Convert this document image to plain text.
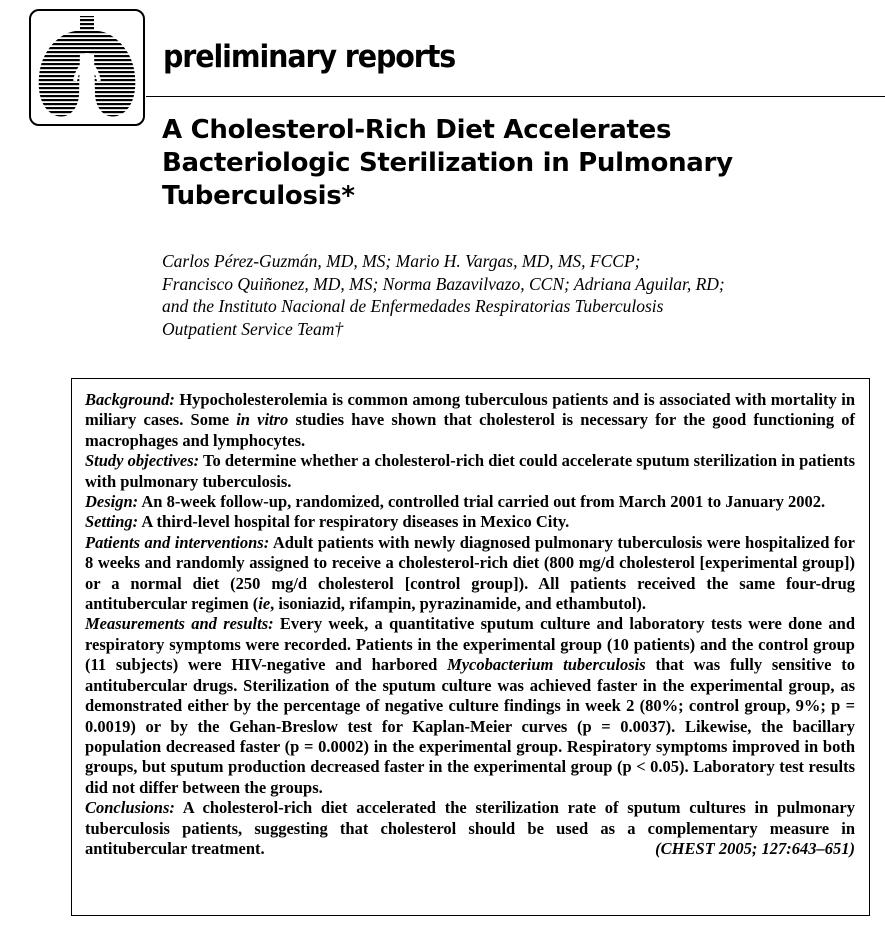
preliminary reports
A Cholesterol-Rich Diet Accelerates
Bacteriologic Sterilization in Pulmonary
Tuberculosis*
Carlos Pérez-Guzmán, MD, MS; Mario H. Vargas, MD, MS, FCCP;
Francisco Quiñonez, MD, MS; Norma Bazavilvazo, CCN; Adriana Aguilar, RD;
and the Instituto Nacional de Enfermedades Respiratorias Tuberculosis
Outpatient Service Team†

Background: Hypocholesterolemia is common among tuberculous patients and is associated with mortality in miliary cases. Some in vitro studies have shown that cholesterol is necessary for the good functioning of macrophages and lymphocytes.

Study objectives: To determine whether a cholesterol-rich diet could accelerate sputum sterilization in patients with pulmonary tuberculosis.

Design: An 8-week follow-up, randomized, controlled trial carried out from March 2001 to January 2002.

Setting: A third-level hospital for respiratory diseases in Mexico City.

Patients and interventions: Adult patients with newly diagnosed pulmonary tuberculosis were hospitalized for 8 weeks and randomly assigned to receive a cholesterol-rich diet (800 mg/d cholesterol [experimental group]) or a normal diet (250 mg/d cholesterol [control group]). All patients received the same four-drug antitubercular regimen (ie, isoniazid, rifampin, pyrazinamide, and ethambutol).

Measurements and results: Every week, a quantitative sputum culture and laboratory tests were done and respiratory symptoms were recorded. Patients in the experimental group (10 patients) and the control group (11 subjects) were HIV-negative and harbored Mycobacterium tuberculosis that was fully sensitive to antitubercular drugs. Sterilization of the sputum culture was achieved faster in the experimental group, as demonstrated either by the percentage of negative culture findings in week 2 (80%; control group, 9%; p = 0.0019) or by the Gehan-Breslow test for Kaplan-Meier curves (p = 0.0037). Likewise, the bacillary population decreased faster (p = 0.0002) in the experimental group. Respiratory symptoms improved in both groups, but sputum production decreased faster in the experimental group (p < 0.05). Laboratory test results did not differ between the groups.

Conclusions: A cholesterol-rich diet accelerated the sterilization rate of sputum cultures in pulmonary tuberculosis patients, suggesting that cholesterol should be used as a complementary measure in antitubercular treatment.	(CHEST 2005; 127:643–651)
